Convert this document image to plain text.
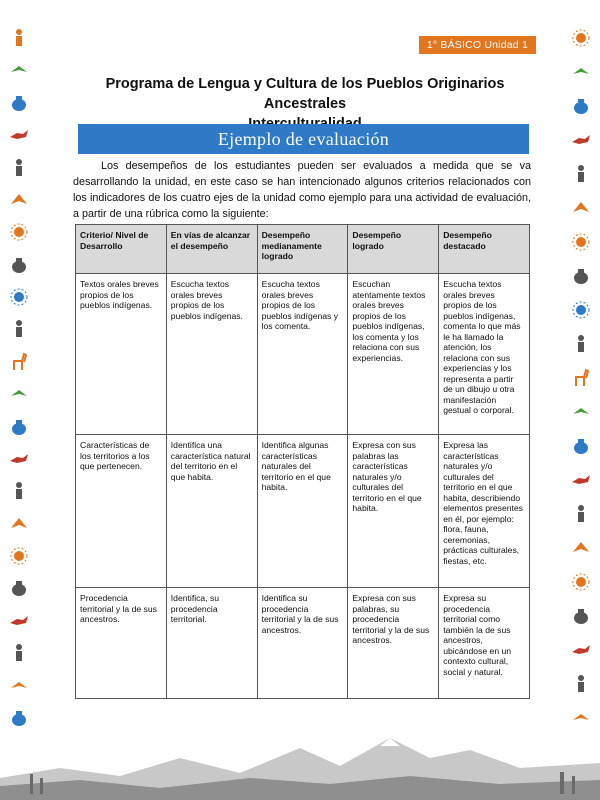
1° BÁSICO Unidad 1
Programa de Lengua y Cultura de los Pueblos Originarios Ancestrales
Ejemplo de evaluación

Los desempeños de los estudiantes pueden ser evaluados a medida que se va desarrollando la unidad, en este caso se han intencionado algunos criterios relacionados con los indicadores de los cuatro ejes de la unidad como ejemplo para una actividad de evaluación, a partir de una rúbrica como la siguiente:

Criterio/ Nivel de Desarrollo	En vías de alcanzar el desempeño	Desempeño medianamente logrado	Desempeño logrado	Desempeño destacado
Textos orales breves propios de los pueblos indígenas.	Escucha textos orales breves propios de los pueblos indígenas.	Escucha textos orales breves propios de los pueblos indígenas y los comenta.	Escuchan atentamente textos orales breves propios de los pueblos indígenas, los comenta y los relaciona con sus experiencias.	Escucha textos orales breves propios de los pueblos indígenas, comenta lo que más le ha llamado la atención, los relaciona con sus experiencias y los representa a partir de un dibujo u otra manifestación gestual o corporal.
Características de los territorios a los que pertenecen.	Identifica una característica natural del territorio en el que habita.	Identifica algunas características naturales del territorio en el que habita.	Expresa con sus palabras las características naturales y/o culturales del territorio en el que habita.	Expresa las características naturales y/o culturales del territorio en el que habita, describiendo elementos presentes en él, por ejemplo: flora, fauna, ceremonias, prácticas culturales, fiestas, etc.
Procedencia territorial y la de sus ancestros.	Identifica, su procedencia territorial.	Identifica su procedencia territorial y la de sus ancestros.	Expresa con sus palabras, su procedencia territorial y la de sus ancestros.	Expresa su procedencia territorial como también la de sus ancestros, ubicándose en un contexto cultural, social y natural.
